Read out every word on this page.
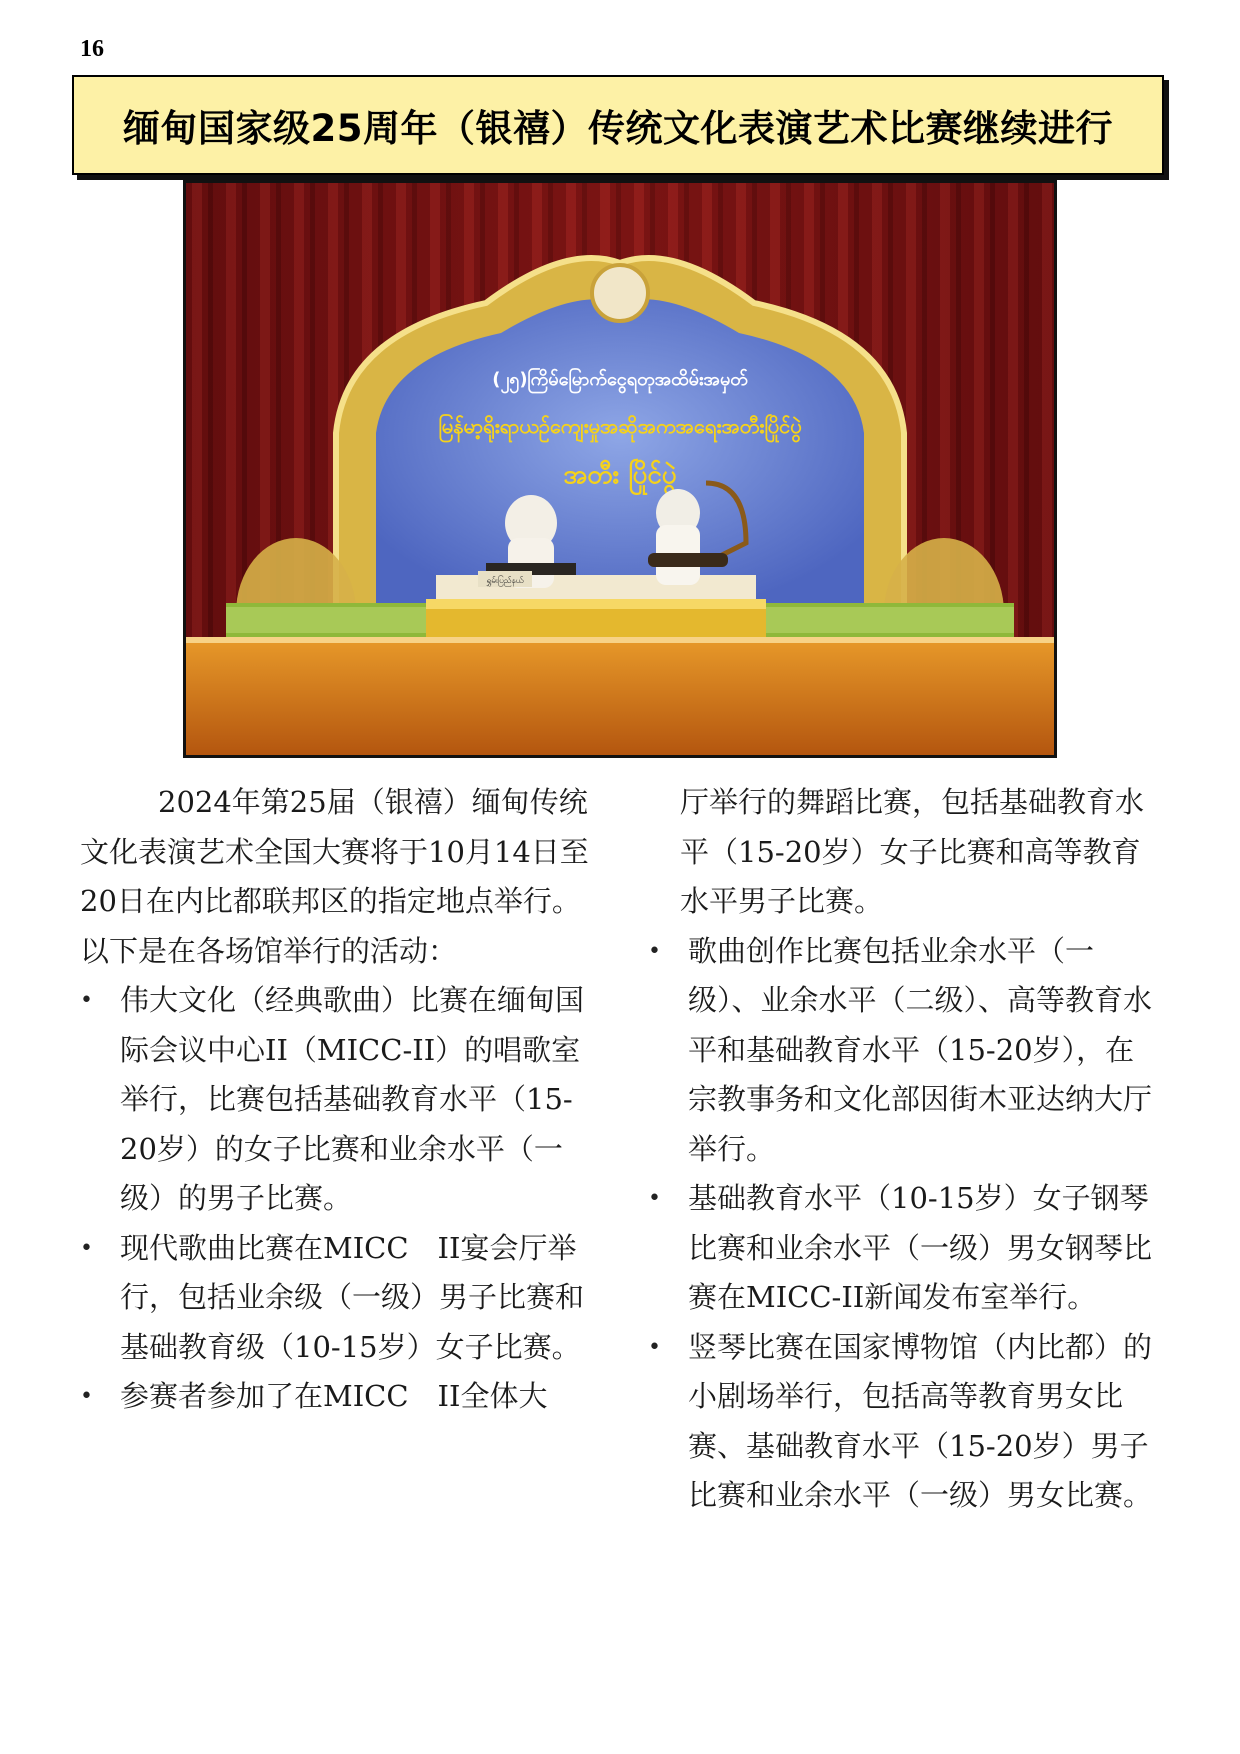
16
缅甸国家级25周年（银禧）传统文化表演艺术比赛继续进行
(၂၅)ကြိမ်မြောက်ငွေရတုအထိမ်းအမှတ်
မြန်မာ့ရိုးရာယဉ်ကျေးမှုအဆိုအကအရေးအတီးပြိုင်ပွဲ
အတီး ပြိုင်ပွဲ
ရွှမ်းပြည်နယ်

2024年第25届（银禧）缅甸传统文化表演艺术全国大赛将于10月14日至20日在内比都联邦区的指定地点举行。以下是在各场馆举行的活动：

• 伟大文化（经典歌曲）比赛在缅甸国际会议中心II（MICC-II）的唱歌室举行，比赛包括基础教育水平（15-20岁）的女子比赛和业余水平（一级）的男子比赛。
• 现代歌曲比赛在MICC　II宴会厅举行，包括业余级（一级）男子比赛和基础教育级（10-15岁）女子比赛。
• 参赛者参加了在MICC　II全体大

厅举行的舞蹈比赛，包括基础教育水平（15-20岁）女子比赛和高等教育水平男子比赛。

• 歌曲创作比赛包括业余水平（一级）、业余水平（二级）、高等教育水平和基础教育水平（15-20岁），在宗教事务和文化部因街木亚达纳大厅举行。
• 基础教育水平（10-15岁）女子钢琴比赛和业余水平（一级）男女钢琴比赛在MICC-II新闻发布室举行。
• 竖琴比赛在国家博物馆（内比都）的小剧场举行，包括高等教育男女比赛、基础教育水平（15-20岁）男子比赛和业余水平（一级）男女比赛。
